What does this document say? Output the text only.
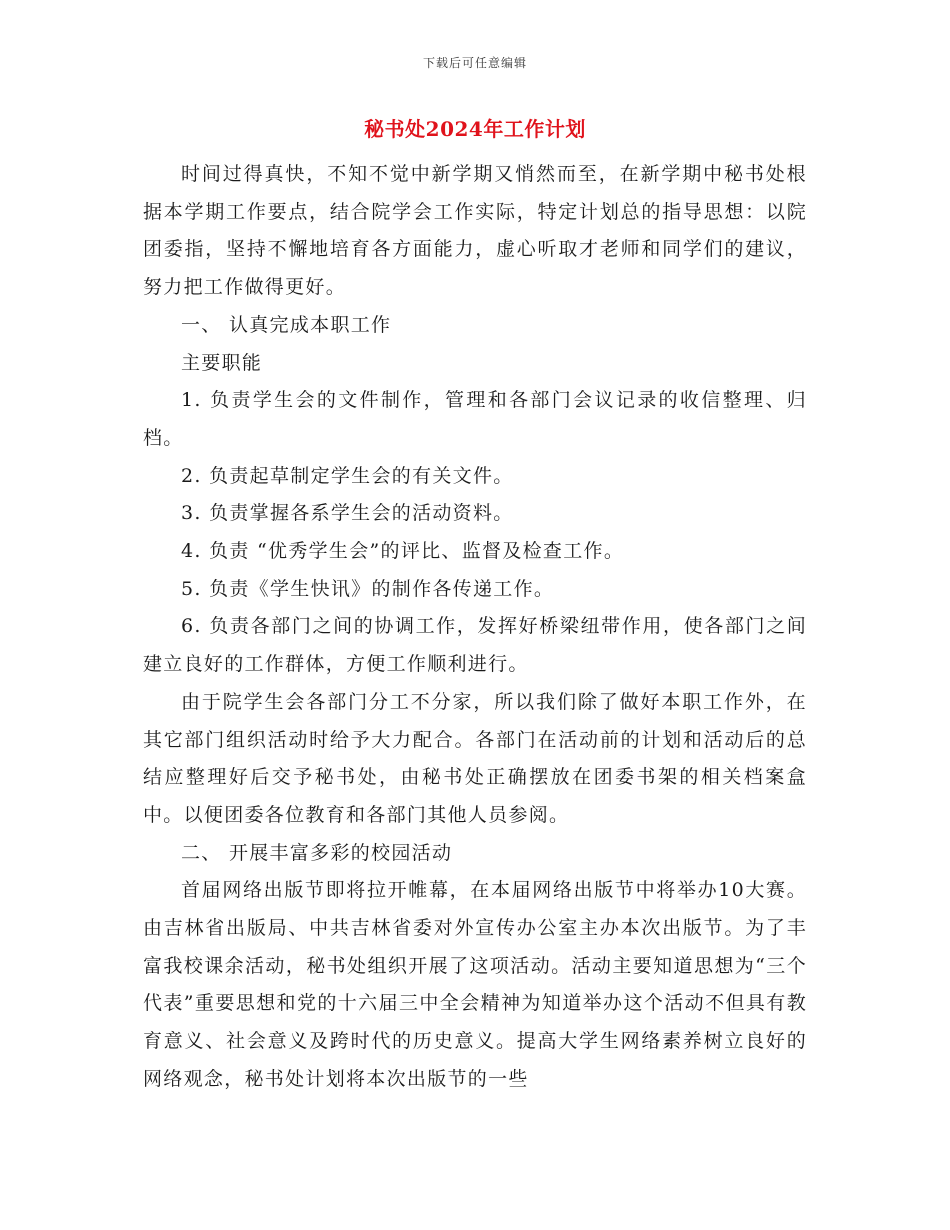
下载后可任意编辑
秘书处2024年工作计划

时间过得真快，不知不觉中新学期又悄然而至，在新学期中秘书处根据本学期工作要点，结合院学会工作实际，特定计划总的指导思想：以院团委指，坚持不懈地培育各方面能力，虚心听取才老师和同学们的建议，努力把工作做得更好。

一、 认真完成本职工作

主要职能

1. 负责学生会的文件制作，管理和各部门会议记录的收信整理、归档。

2. 负责起草制定学生会的有关文件。

3. 负责掌握各系学生会的活动资料。

4. 负责 “优秀学生会”的评比、监督及检查工作。

5. 负责《学生快讯》的制作各传递工作。

6. 负责各部门之间的协调工作，发挥好桥梁纽带作用，使各部门之间建立良好的工作群体，方便工作顺利进行。

由于院学生会各部门分工不分家，所以我们除了做好本职工作外，在其它部门组织活动时给予大力配合。各部门在活动前的计划和活动后的总结应整理好后交予秘书处，由秘书处正确摆放在团委书架的相关档案盒中。以便团委各位教育和各部门其他人员参阅。

二、 开展丰富多彩的校园活动

首届网络出版节即将拉开帷幕，在本届网络出版节中将举办10大赛。由吉林省出版局、中共吉林省委对外宣传办公室主办本次出版节。为了丰富我校课余活动，秘书处组织开展了这项活动。活动主要知道思想为“三个代表”重要思想和党的十六届三中全会精神为知道举办这个活动不但具有教育意义、社会意义及跨时代的历史意义。提高大学生网络素养树立良好的网络观念，秘书处计划将本次出版节的一些
